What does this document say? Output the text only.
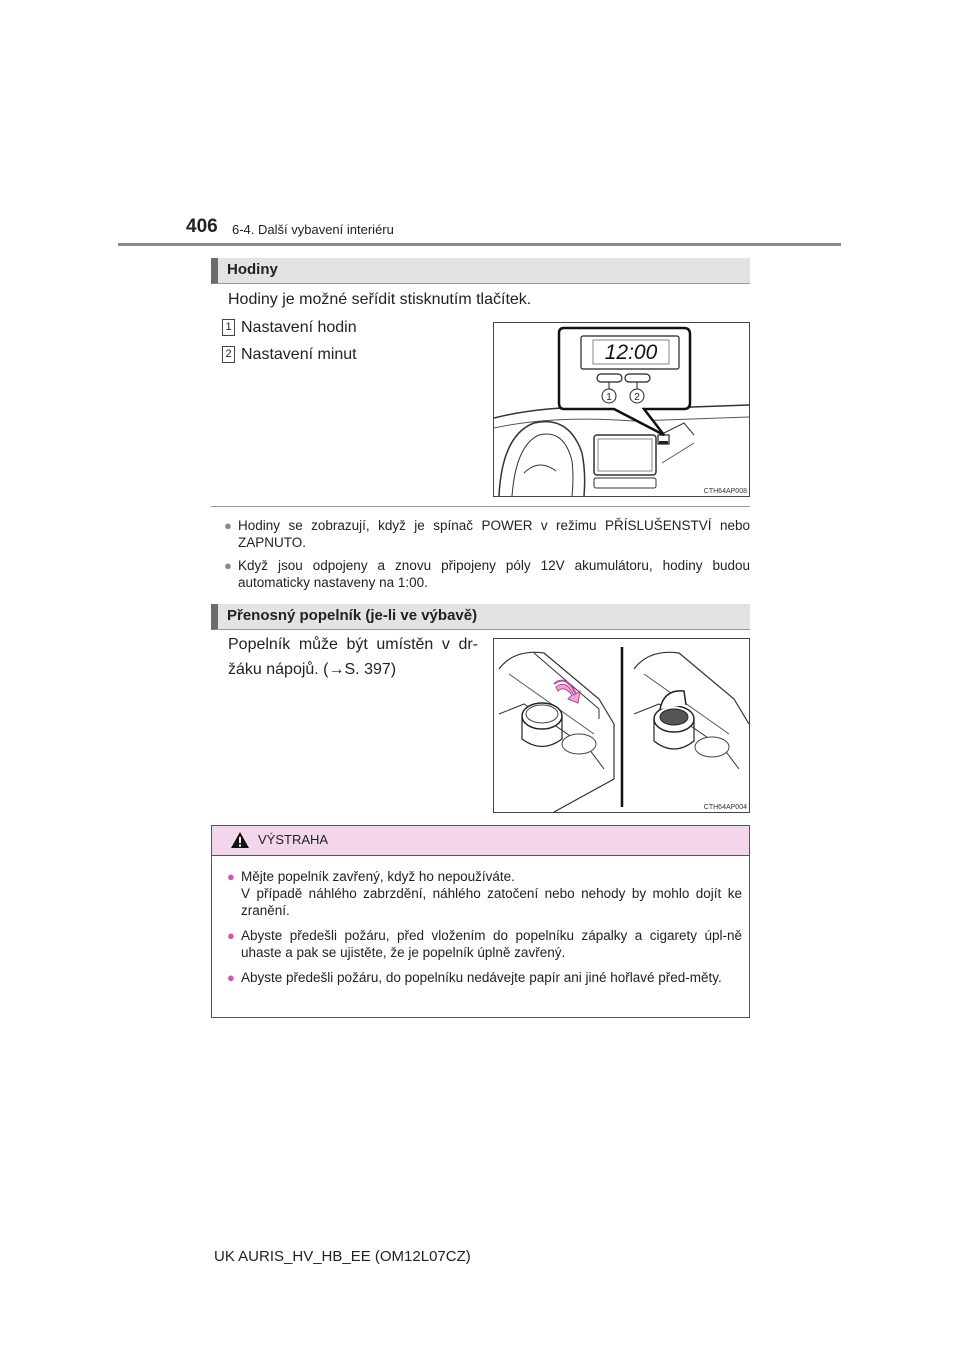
406 6-4. Další vybavení interiéru
Hodiny
Hodiny je možné seřídit stisknutím tlačítek.
1 Nastavení hodin
2 Nastavení minut	12:00
1 2
CTH64AP008
● Hodiny se zobrazují, když je spínač POWER v režimu PŘÍSLUŠENSTVÍ nebo ZAPNUTO.
● Když jsou odpojeny a znovu připojeny póly 12V akumulátoru, hodiny budou automaticky nastaveny na 1:00.
Přenosný popelník (je-li ve výbavě)
Popelník může být umístěn v dr-
žáku nápojů. (→S. 397)
CTH64AP004
VÝSTRAHA
● Mějte popelník zavřený, když ho nepoužíváte.
V případě náhlého zabrzdění, náhlého zatočení nebo nehody by mohlo dojít ke zranění.
● Abyste předešli požáru, před vložením do popelníku zápalky a cigarety úpl-ně uhaste a pak se ujistěte, že je popelník úplně zavřený.
● Abyste předešli požáru, do popelníku nedávejte papír ani jiné hořlavé před-měty.
UK AURIS_HV_HB_EE (OM12L07CZ)
